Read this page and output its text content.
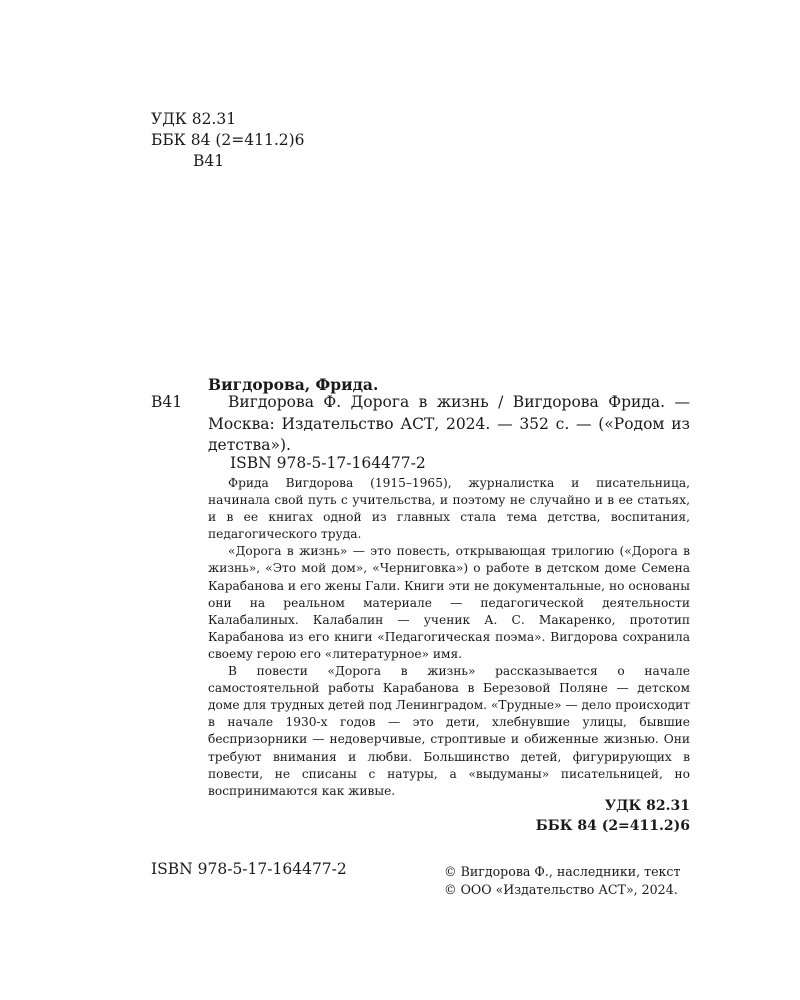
УДК 82.31
ББК 84 (2=411.2)6
В41
Вигдорова, Фрида.
В41	Вигдорова Ф. Дорога в жизнь / Вигдорова Фрида. — Москва: Издательство АСТ, 2024. — 352 с. — («Родом из детства»).

ISBN 978-5-17-164477-2

Фрида Вигдорова (1915–1965), журналистка и писательница, начинала свой путь с учительства, и поэтому не случайно и в ее статьях, и в ее книгах одной из главных стала тема детства, воспитания, педагогического труда.

«Дорога в жизнь» — это повесть, открывающая трилогию («Дорога в жизнь», «Это мой дом», «Черниговка») о работе в детском доме Семена Карабанова и его жены Гали. Книги эти не документальные, но основаны они на реальном материале — педагогической деятельности Калабалиных. Калабалин — ученик А. С. Макаренко, прототип Карабанова из его книги «Педагогическая поэма». Вигдорова сохранила своему герою его «литературное» имя.

В повести «Дорога в жизнь» рассказывается о начале самостоятельной работы Карабанова в Березовой Поляне — детском доме для трудных детей под Ленинградом. «Трудные» — дело происходит в начале 1930-х годов — это дети, хлебнувшие улицы, бывшие беспризорники — недоверчивые, строптивые и обиженные жизнью. Они требуют внимания и любви. Большинство детей, фигурирующих в повести, не списаны с натуры, а «выдуманы» писательницей, но воспринимаются как живые.

УДК 82.31
ББК 84 (2=411.2)6
ISBN 978-5-17-164477-2	© Вигдорова Ф., наследники, текст
© ООО «Издательство АСТ», 2024.
